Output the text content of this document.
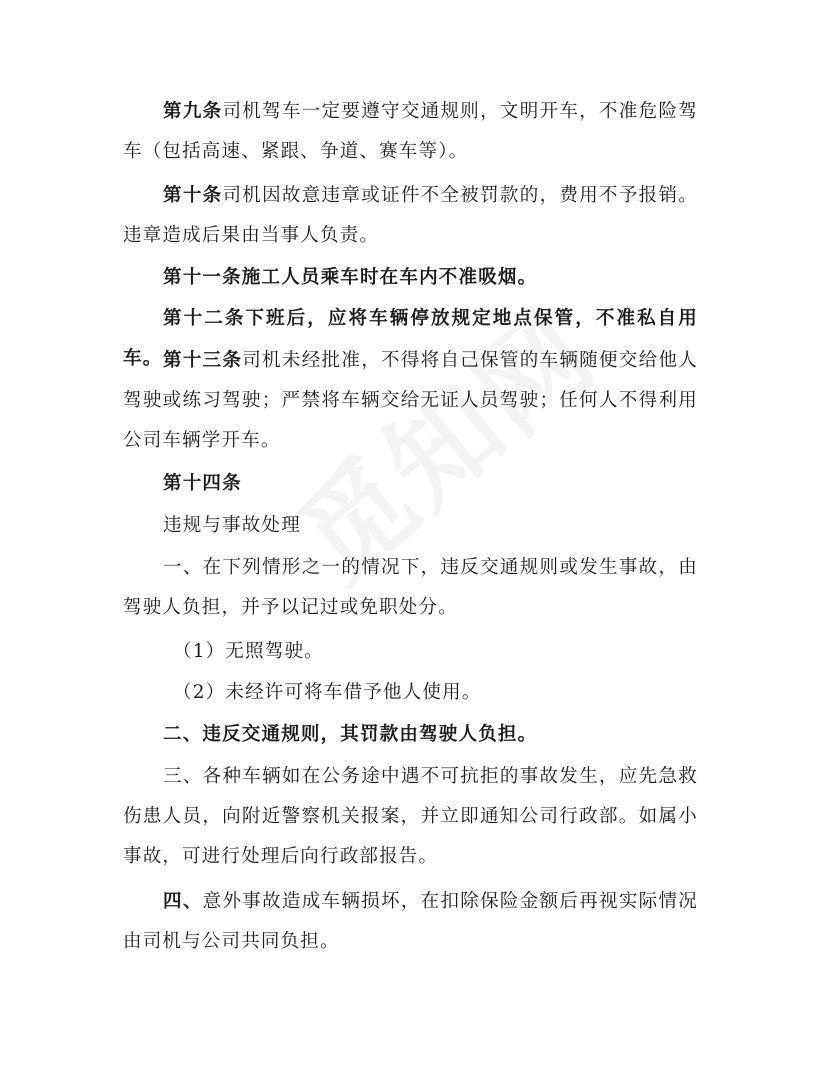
第九条司机驾车一定要遵守交通规则，文明开车，不准危险驾车（包括高速、紧跟、争道、赛车等）。

第十条司机因故意违章或证件不全被罚款的，费用不予报销。违章造成后果由当事人负责。

第十一条施工人员乘车时在车内不准吸烟。

第十二条下班后，应将车辆停放规定地点保管，不准私自用车。 第十三条司机未经批准，不得将自己保管的车辆随便交给他人驾驶或练习驾驶；严禁将车辆交给无证人员驾驶；任何人不得利用公司车辆学开车。

第十四条

违规与事故处理

一、在下列情形之一的情况下，违反交通规则或发生事故，由驾驶人负担，并予以记过或免职处分。

（1）无照驾驶。

（2）未经许可将车借予他人使用。

二、违反交通规则，其罚款由驾驶人负担。

三、各种车辆如在公务途中遇不可抗拒的事故发生，应先急救伤患人员，向附近警察机关报案，并立即通知公司行政部。如属小事故，可进行处理后向行政部报告。

四、意外事故造成车辆损坏，在扣除保险金额后再视实际情况由司机与公司共同负担。
